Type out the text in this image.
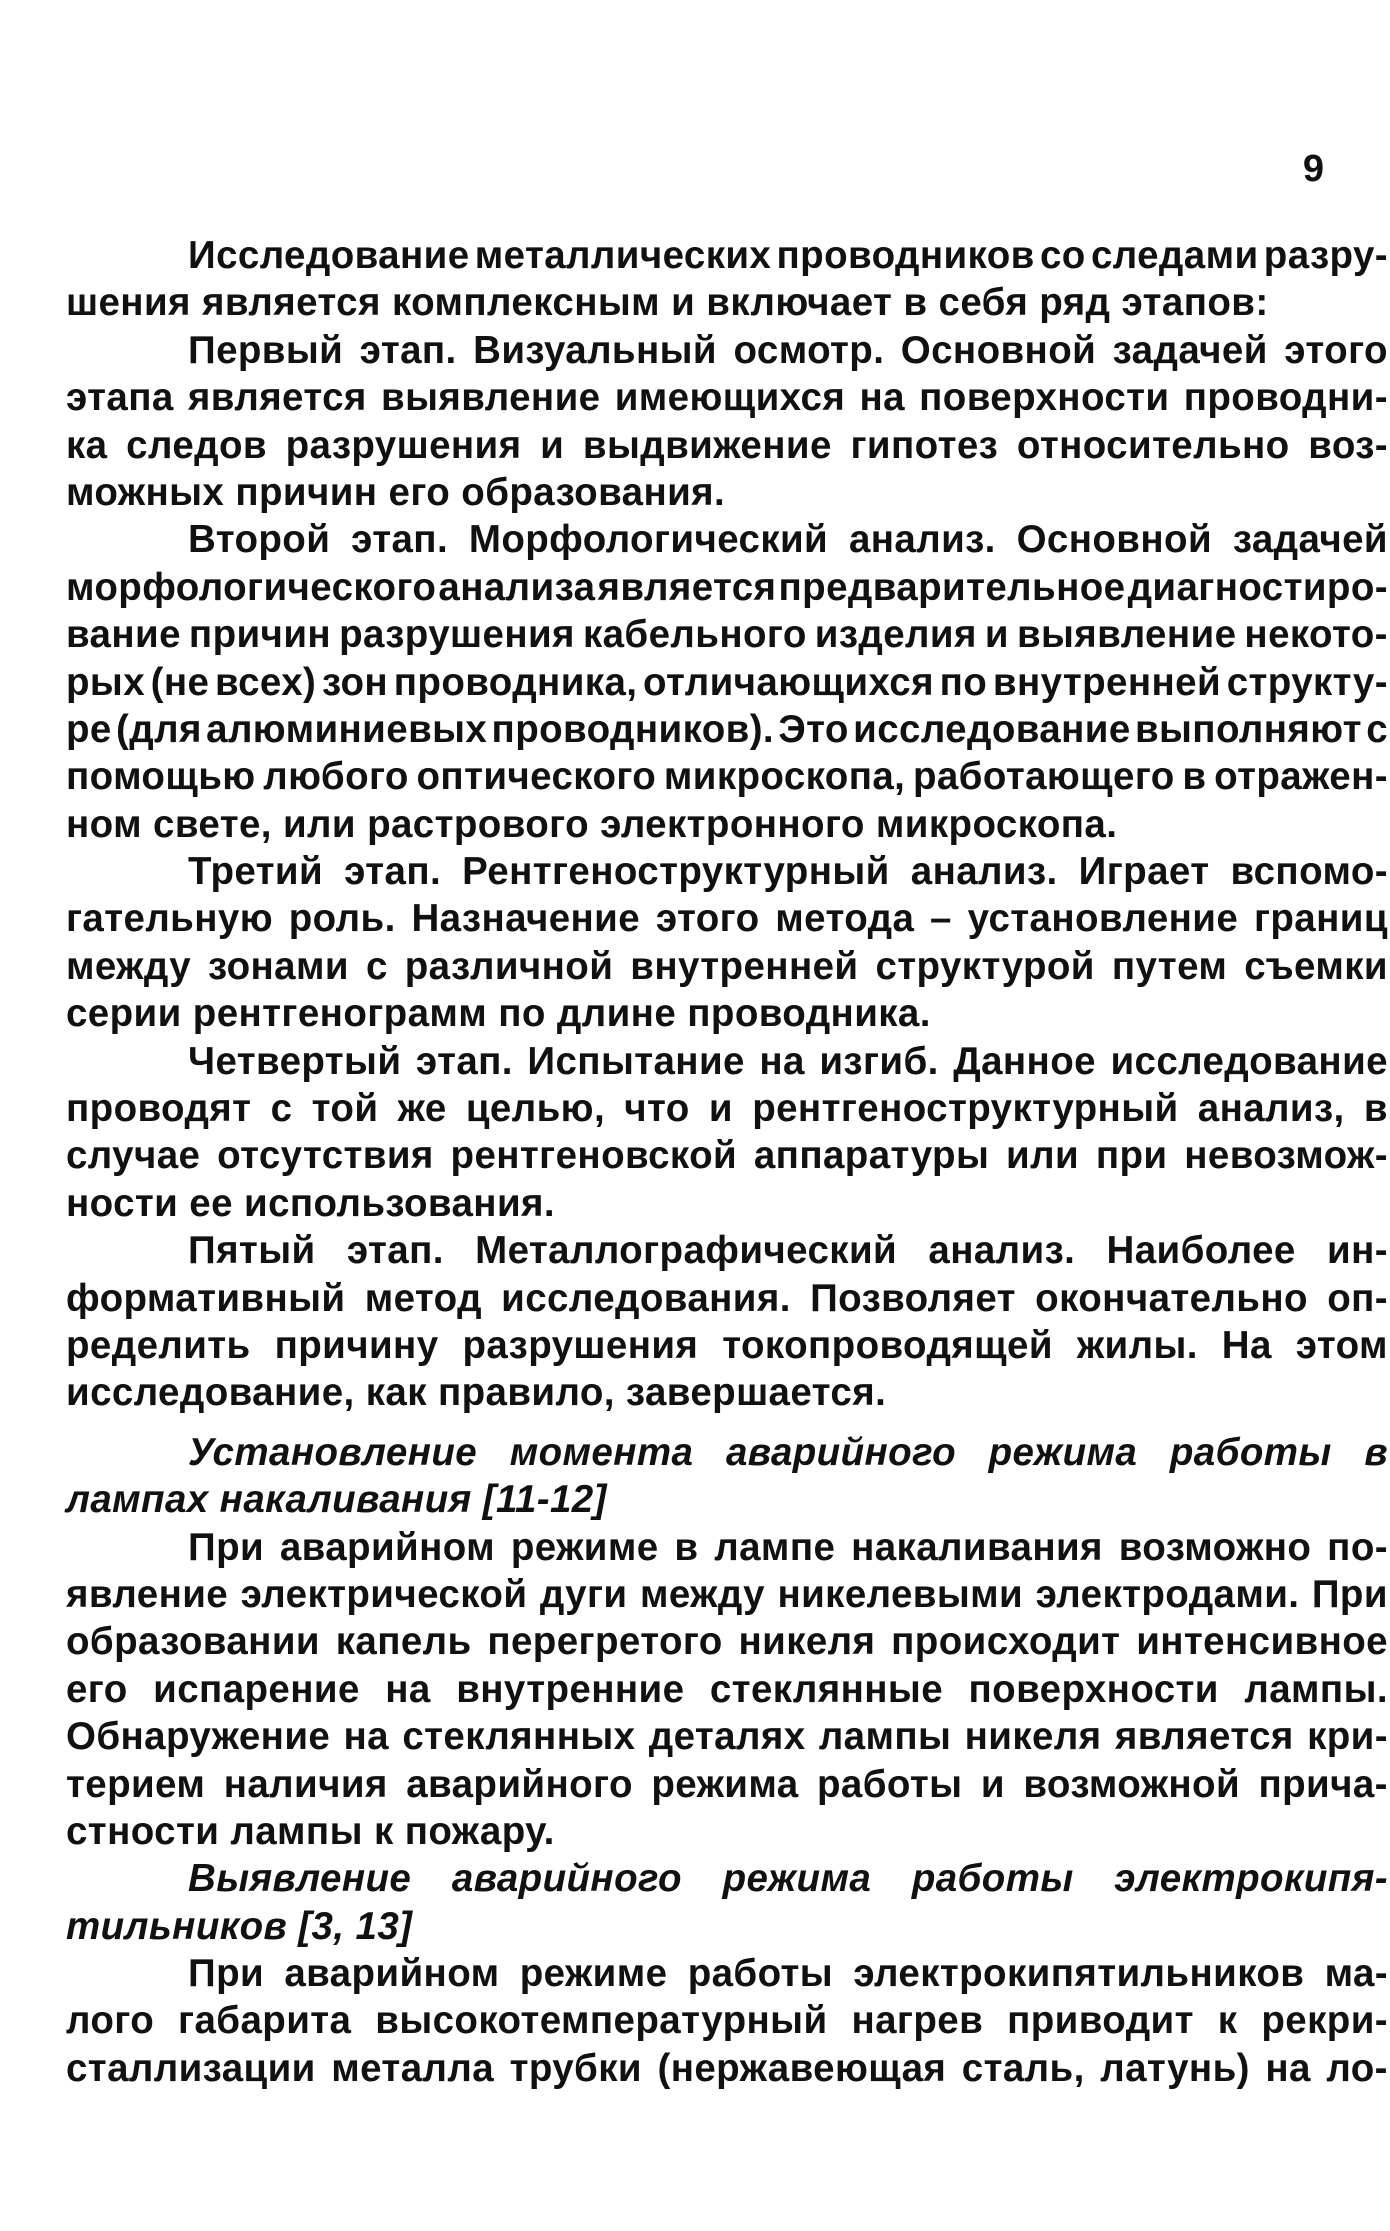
9
Исследование металлических проводников со следами разру-
шения является комплексным и включает в себя ряд этапов:
Первый этап. Визуальный осмотр. Основной задачей этого
этапа является выявление имеющихся на поверхности проводни-
ка следов разрушения и выдвижение гипотез относительно воз-
можных причин его образования.
Второй этап. Морфологический анализ. Основной задачей
морфологического анализа является предварительное диагностиро-
вание причин разрушения кабельного изделия и выявление некото-
рых (не всех) зон проводника, отличающихся по внутренней структу-
ре (для алюминиевых проводников). Это исследование выполняют с
помощью любого оптического микроскопа, работающего в отражен-
ном свете, или растрового электронного микроскопа.
Третий этап. Рентгеноструктурный анализ. Играет вспомо-
гательную роль. Назначение этого метода – установление границ
между зонами с различной внутренней структурой путем съемки
серии рентгенограмм по длине проводника.
Четвертый этап. Испытание на изгиб. Данное исследование
проводят с той же целью, что и рентгеноструктурный анализ, в
случае отсутствия рентгеновской аппаратуры или при невозмож-
ности ее использования.
Пятый этап. Металлографический анализ. Наиболее ин-
формативный метод исследования. Позволяет окончательно оп-
ределить причину разрушения токопроводящей жилы. На этом
исследование, как правило, завершается.
Установление момента аварийного режима работы в
лампах накаливания [11-12]
При аварийном режиме в лампе накаливания возможно по-
явление электрической дуги между никелевыми электродами. При
образовании капель перегретого никеля происходит интенсивное
его испарение на внутренние стеклянные поверхности лампы.
Обнаружение на стеклянных деталях лампы никеля является кри-
терием наличия аварийного режима работы и возможной прича-
стности лампы к пожару.
Выявление аварийного режима работы электрокипя-
тильников [3, 13]
При аварийном режиме работы электрокипятильников ма-
лого габарита высокотемпературный нагрев приводит к рекри-
сталлизации металла трубки (нержавеющая сталь, латунь) на ло-
